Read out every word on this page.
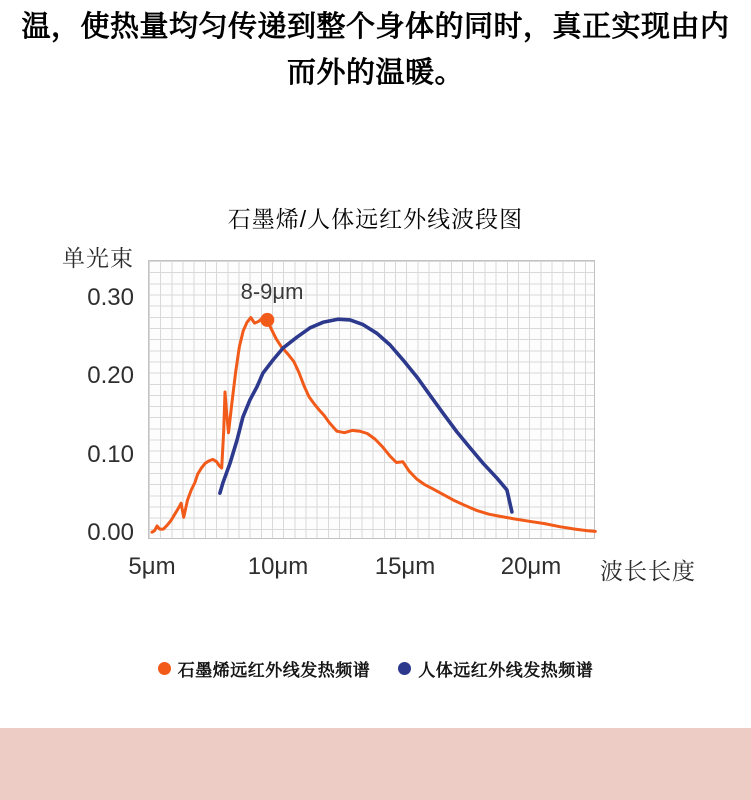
温，使热量均匀传递到整个身体的同时，真正实现由内
而外的温暖。
石墨烯/人体远红外线波段图
单光束
0.30
0.20
0.10
0.00
5μm	10μm	15μm	20μm	波长长度
8-9μm
石墨烯远红外线发热频谱	人体远红外线发热频谱
